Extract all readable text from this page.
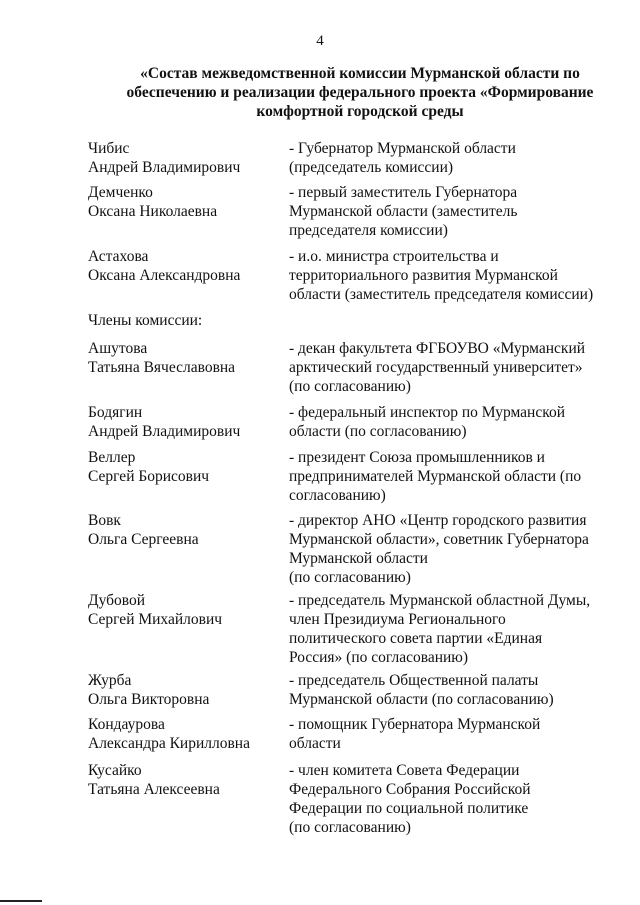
4
«Состав межведомственной комиссии Мурманской области по
обеспечению и реализации федерального проекта «Формирование
комфортной городской среды
Чибис
Андрей Владимирович
- Губернатор Мурманской области
(председатель комиссии)
Демченко
Оксана Николаевна
- первый заместитель Губернатора
Мурманской области (заместитель
председателя комиссии)
Астахова
Оксана Александровна
- и.о. министра строительства и
территориального развития Мурманской
области (заместитель председателя комиссии)
Члены комиссии:
Ашутова
Татьяна Вячеславовна
- декан факультета ФГБОУВО «Мурманский
арктический государственный университет»
(по согласованию)
Бодягин
Андрей Владимирович
- федеральный инспектор по Мурманской
области (по согласованию)
Веллер
Сергей Борисович
- президент Союза промышленников и
предпринимателей Мурманской области (по
согласованию)
Вовк
Ольга Сергеевна
- директор АНО «Центр городского развития
Мурманской области», советник Губернатора
Мурманской области
(по согласованию)
Дубовой
Сергей Михайлович
- председатель Мурманской областной Думы,
член Президиума Регионального
политического совета партии «Единая
Россия» (по согласованию)
Журба
Ольга Викторовна
- председатель Общественной палаты
Мурманской области (по согласованию)
Кондаурова
Александра Кирилловна
- помощник Губернатора Мурманской
области
Кусайко
Татьяна Алексеевна
- член комитета Совета Федерации
Федерального Собрания Российской
Федерации по социальной политике
(по согласованию)
